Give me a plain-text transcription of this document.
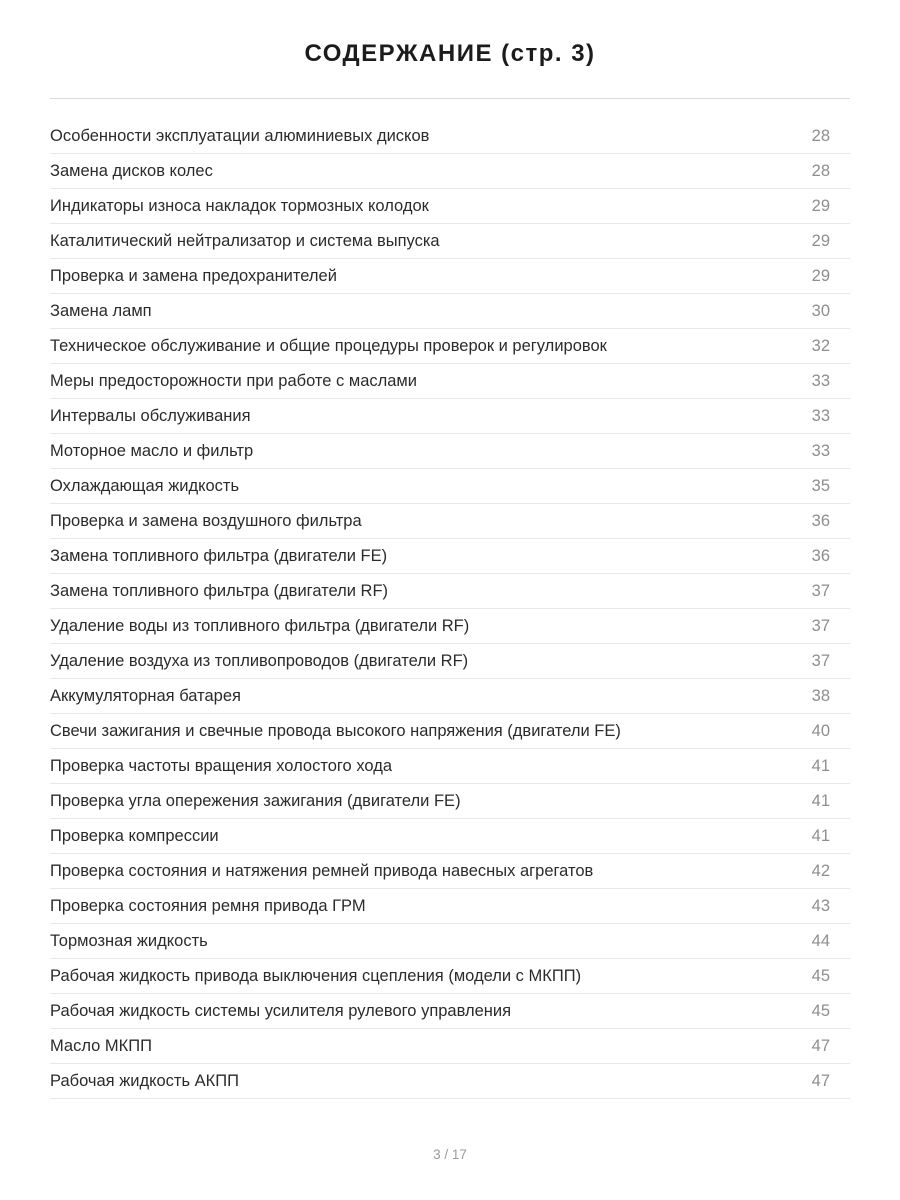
СОДЕРЖАНИЕ (стр. 3)
Особенности эксплуатации алюминиевых дисков	28
Замена дисков колес	28
Индикаторы износа накладок тормозных колодок	29
Каталитический нейтрализатор и система выпуска	29
Проверка и замена предохранителей	29
Замена ламп	30
Техническое обслуживание и общие процедуры проверок и регулировок	32
Меры предосторожности при работе с маслами	33
Интервалы обслуживания	33
Моторное масло и фильтр	33
Охлаждающая жидкость	35
Проверка и замена воздушного фильтра	36
Замена топливного фильтра (двигатели FE)	36
Замена топливного фильтра (двигатели RF)	37
Удаление воды из топливного фильтра (двигатели RF)	37
Удаление воздуха из топливопроводов (двигатели RF)	37
Аккумуляторная батарея	38
Свечи зажигания и свечные провода высокого напряжения (двигатели FE)	40
Проверка частоты вращения холостого хода	41
Проверка угла опережения зажигания (двигатели FE)	41
Проверка компрессии	41
Проверка состояния и натяжения ремней привода навесных агрегатов	42
Проверка состояния ремня привода ГРМ	43
Тормозная жидкость	44
Рабочая жидкость привода выключения сцепления (модели с МКПП)	45
Рабочая жидкость системы усилителя рулевого управления	45
Масло МКПП	47
Рабочая жидкость АКПП	47
3 / 17
